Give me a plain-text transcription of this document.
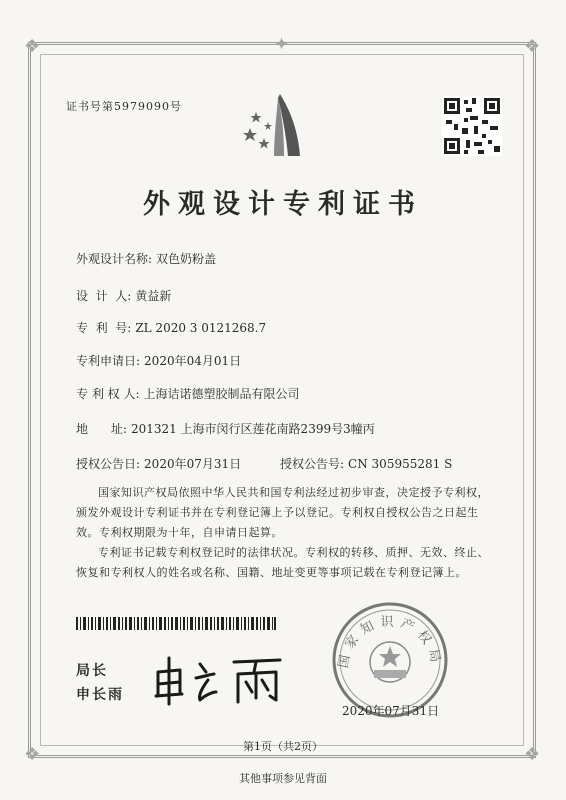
❖	❖
❖	❖
✦
证书号第5979090号
外观设计专利证书
外观设计名称: 双色奶粉盖
设  计  人: 黄益新
专  利  号: ZL 2020 3 0121268.7
专利申请日: 2020年04月01日
专 利 权 人: 上海诘诺德塑胶制品有限公司
地      址: 201321 上海市闵行区莲花南路2399号3幢丙
授权公告日: 2020年07月31日	授权公告号: CN 305955281 S
国家知识产权局依照中华人民共和国专利法经过初步审查，决定授予专利权，颁发外观设计专利证书并在专利登记簿上予以登记。专利权自授权公告之日起生效。专利权期限为十年，自申请日起算。
专利证书记载专利权登记时的法律状况。专利权的转移、质押、无效、终止、恢复和专利权人的姓名或名称、国籍、地址变更等事项记载在专利登记簿上。
局长
申长雨
国家知识产权局
2020年07月31日
第1页（共2页）
其他事项参见背面
